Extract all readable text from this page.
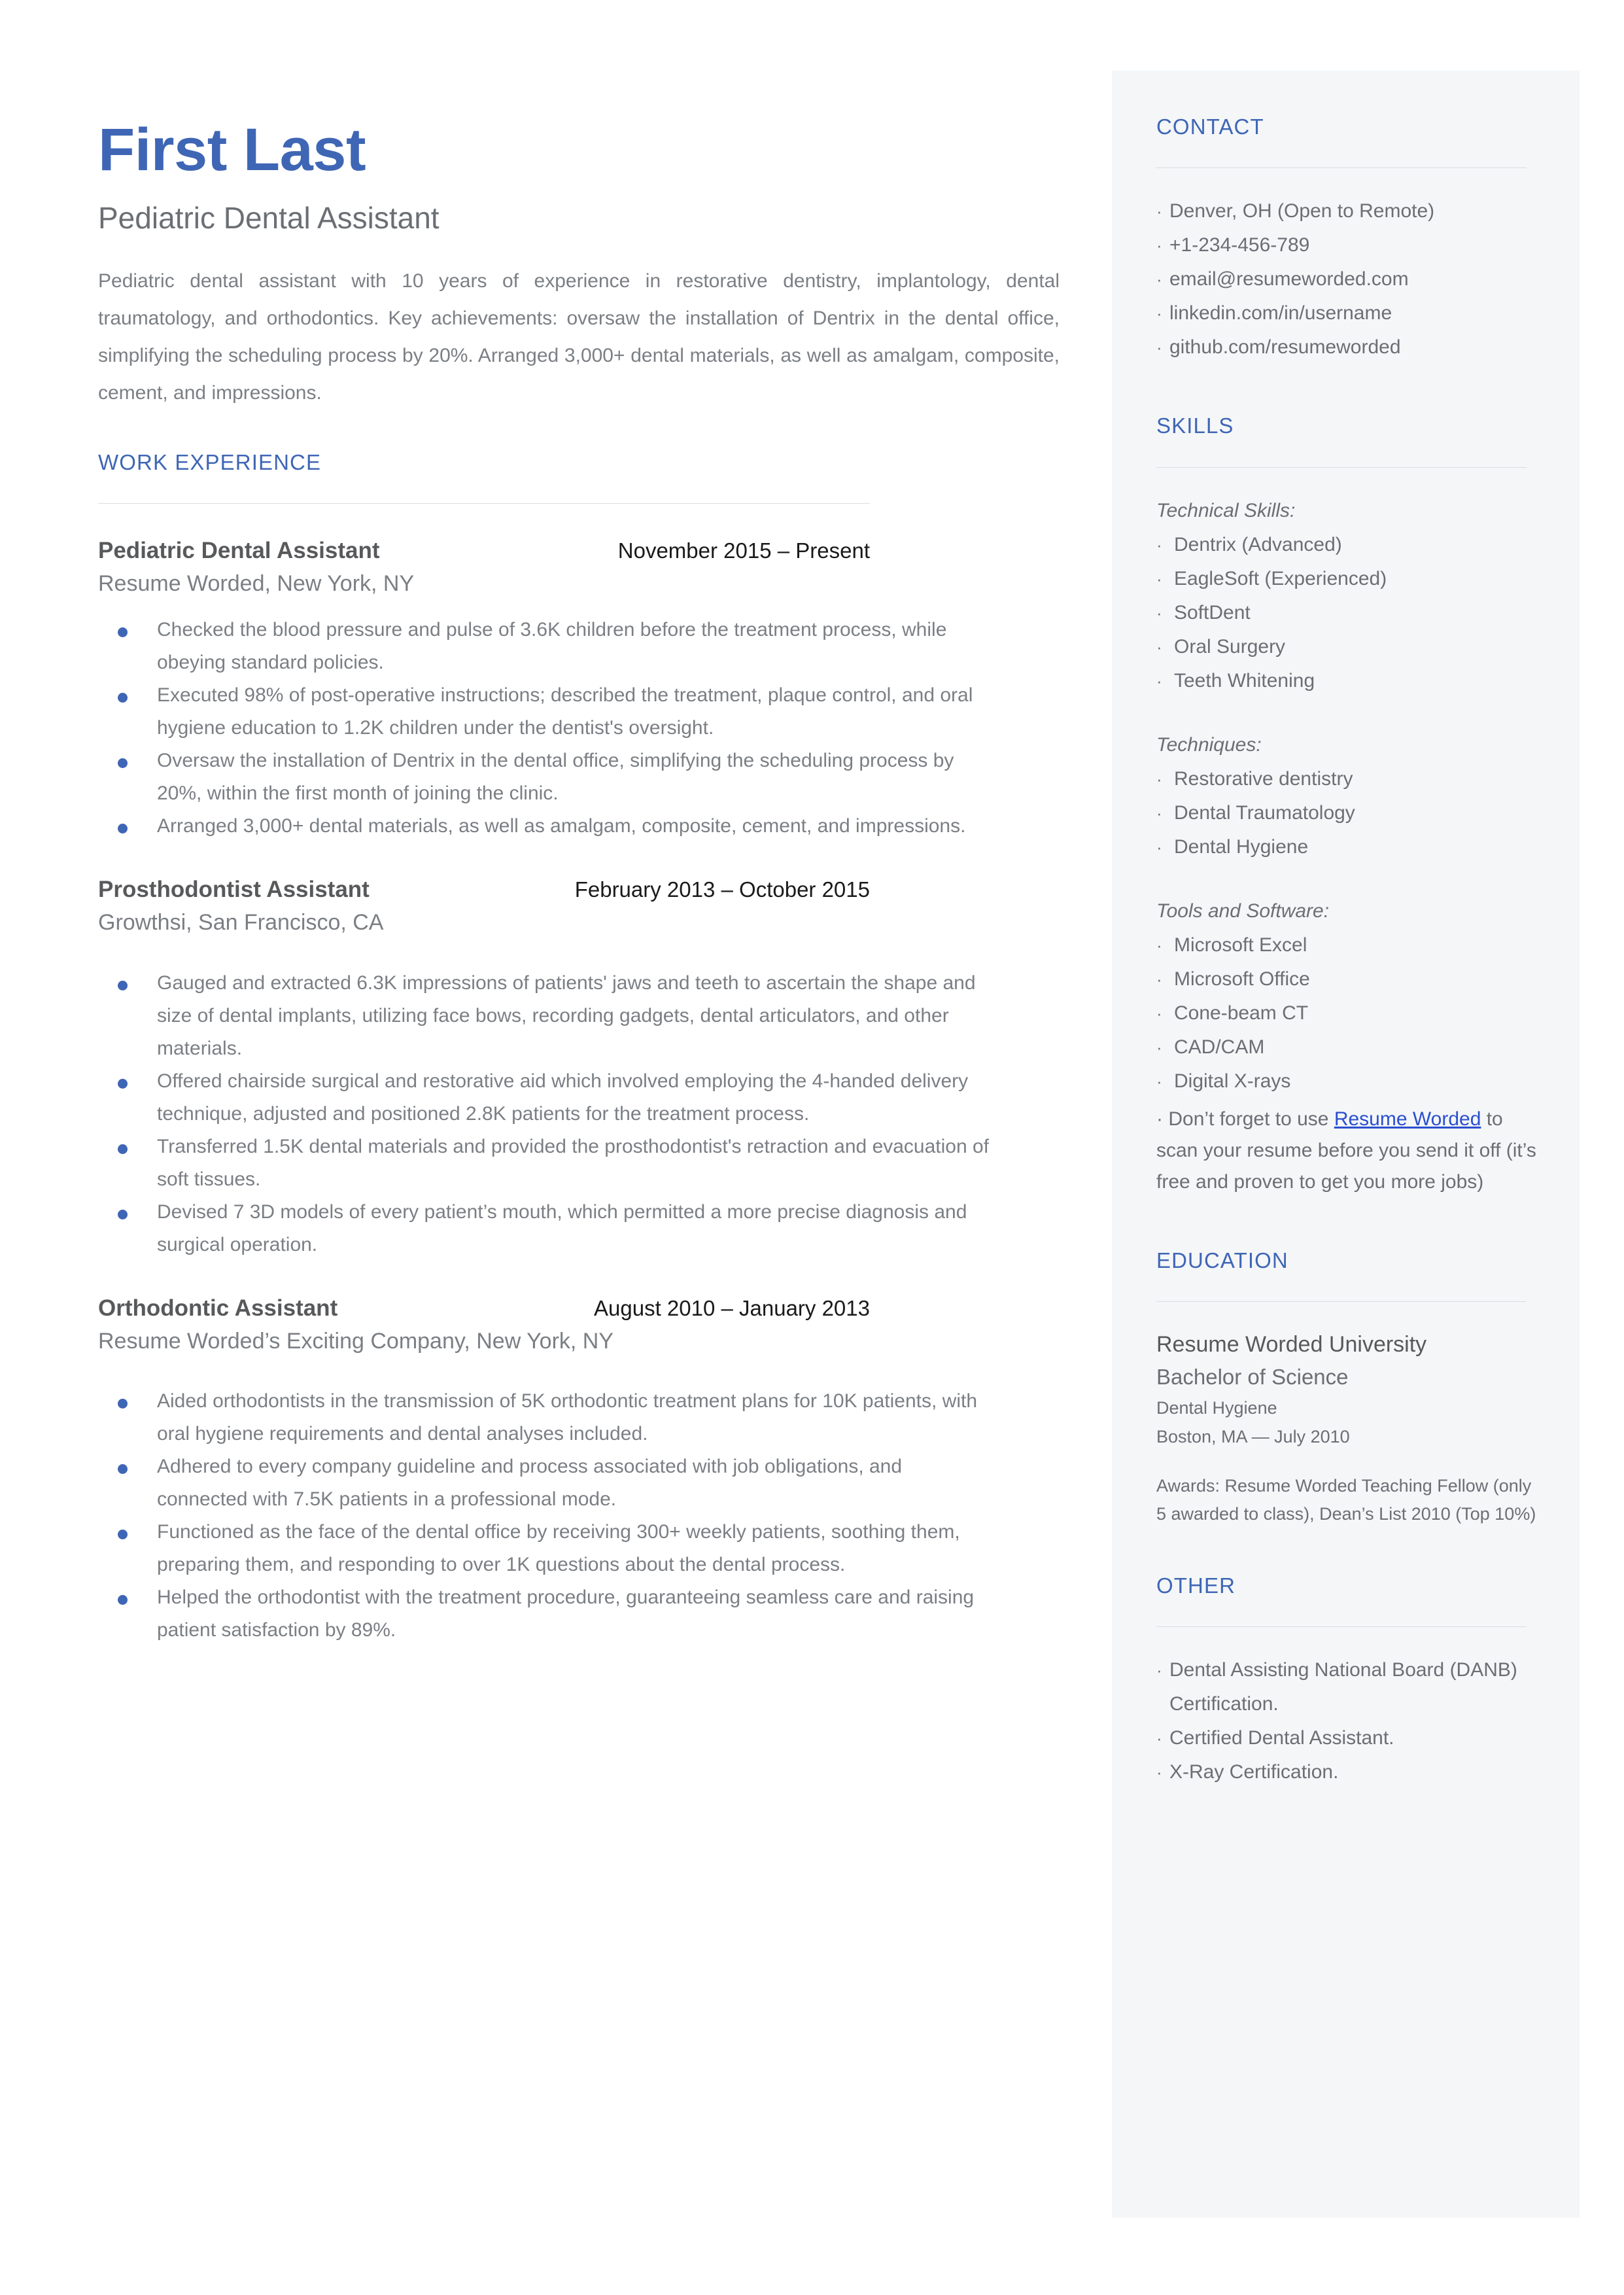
CONTACT
· Denver, OH (Open to Remote)
· +1-234-456-789
· email@resumeworded.com
· linkedin.com/in/username
· github.com/resumeworded
SKILLS
Technical Skills:
· Dentrix (Advanced)
· EagleSoft (Experienced)
· SoftDent
· Oral Surgery
· Teeth Whitening
Techniques:
· Restorative dentistry
· Dental Traumatology
· Dental Hygiene
Tools and Software:
· Microsoft Excel
· Microsoft Office
· Cone-beam CT
· CAD/CAM
· Digital X-rays
· Don’t forget to use Resume Worded to scan your resume before you send it off (it’s free and proven to get you more jobs)
EDUCATION
Resume Worded University
Bachelor of Science
Dental Hygiene
Boston, MA — July 2010
Awards: Resume Worded Teaching Fellow (only 5 awarded to class), Dean’s List 2010 (Top 10%)
OTHER
· Dental Assisting National Board (DANB) Certification.
· Certified Dental Assistant.
· X-Ray Certification.
First Last
Pediatric Dental Assistant

Pediatric dental assistant with 10 years of experience in restorative dentistry, implantology, dental traumatology, and orthodontics. Key achievements: oversaw the installation of Dentrix in the dental office, simplifying the scheduling process by 20%. Arranged 3,000+ dental materials, as well as amalgam, composite, cement, and impressions.

WORK EXPERIENCE
Pediatric Dental Assistant	November 2015 – Present
Resume Worded, New York, NY
Checked the blood pressure and pulse of 3.6K children before the treatment process, while obeying standard policies.
Executed 98% of post-operative instructions; described the treatment, plaque control, and oral hygiene education to 1.2K children under the dentist's oversight.
Oversaw the installation of Dentrix in the dental office, simplifying the scheduling process by 20%, within the first month of joining the clinic.
Arranged 3,000+ dental materials, as well as amalgam, composite, cement, and impressions.
Prosthodontist Assistant	February 2013 – October 2015
Growthsi, San Francisco, CA
Gauged and extracted 6.3K impressions of patients' jaws and teeth to ascertain the shape and size of dental implants, utilizing face bows, recording gadgets, dental articulators, and other materials.
Offered chairside surgical and restorative aid which involved employing the 4-handed delivery technique, adjusted and positioned 2.8K patients for the treatment process.
Transferred 1.5K dental materials and provided the prosthodontist's retraction and evacuation of soft tissues.
Devised 7 3D models of every patient’s mouth, which permitted a more precise diagnosis and surgical operation.
Orthodontic Assistant	August 2010 – January 2013
Resume Worded’s Exciting Company, New York, NY
Aided orthodontists in the transmission of 5K orthodontic treatment plans for 10K patients, with oral hygiene requirements and dental analyses included.
Adhered to every company guideline and process associated with job obligations, and connected with 7.5K patients in a professional mode.
Functioned as the face of the dental office by receiving 300+ weekly patients, soothing them, preparing them, and responding to over 1K questions about the dental process.
Helped the orthodontist with the treatment procedure, guaranteeing seamless care and raising patient satisfaction by 89%.
